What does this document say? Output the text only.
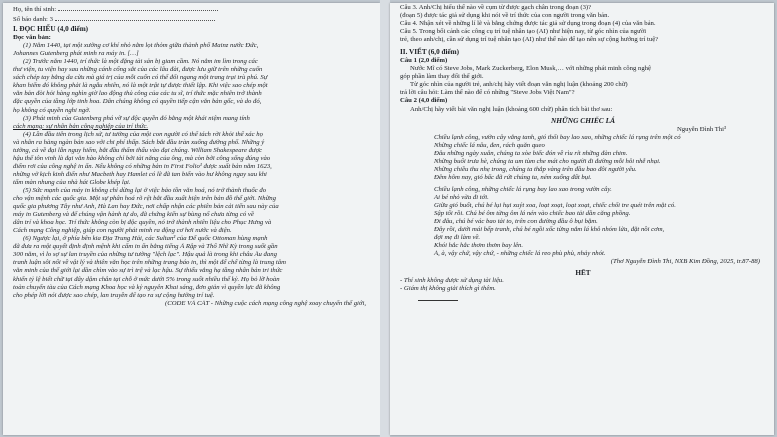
Họ, tên thí sinh:
Số báo danh: 3
I. ĐỌC HIỂU (4,0 điểm)
Đọc văn bản:
(1) Năm 1440, tại một xưởng cơ khí nhỏ nằm lọt thỏm giữa thành phố Mainz nước Đức,
Johannes Gutenberg phát minh ra máy in. […]
(2) Trước năm 1440, trí thức là một đặng tài sản bị giam cầm. Nó nằm im lìm trong các
thư viện, tu viện hay sau những cánh cổng sắt của các lâu đài, được lưu giữ trên những cuốn
sách chép tay bằng da cừu mà giá trị của mỗi cuốn có thể đổi ngang một trang trại trù phú. Sự
khan hiếm đó không phải là ngẫu nhiên, nó là một trật tự được thiết lập. Khi việc sao chép một
văn bản đòi hỏi hàng nghìn giờ lao động thủ công của các tu sĩ, trí thức mặc nhiên trở thành
đặc quyền của tầng lớp tinh hoa. Dân chúng không có quyền tiếp cận văn bản gốc, và do đó,
họ không có quyền nghi ngờ.
(3) Phát minh của Gutenberg phá vỡ sự độc quyền đó bằng một khái niệm mang tính
cách mạng: sự nhân bản công nghiệp của trí thức.
(4) Lần đầu tiên trong lịch sử, tư tưởng của một con người có thể tách rời khỏi thể xác họ
và nhân ra hàng ngàn bản sao với chi phí thấp. Sách bắt đầu tràn xuống đường phố. Những ý
tưởng, cả về đại lẫn nguy hiểm, bắt đầu thẩm thấu vào đại chúng. William Shakespeare được
hậu thế tôn vinh là đại văn hào không chỉ bởi tài năng của ông, mà còn bởi công sống đúng vào
điểm rơi của công nghệ in ấn. Nếu không có những bản in First Folio¹ được xuất bản năm 1623,
những vở kịch kinh điển như Macbeth hay Hamlet có lẽ đã tan biến vào hư không ngay sau khi
tấm màn nhung của nhà hát Globe khép lại.
(5) Sức mạnh của máy in không chỉ dừng lại ở việc bảo tồn văn hoá, nó trở thành thuốc đo
cho vận mệnh các quốc gia. Một sự phân hoá rõ rệt bắt đầu xuất hiện trên bản đồ thế giới. Những
quốc gia phương Tây như Anh, Hà Lan hay Đức, nơi chấp nhận các phiên bản cải tiến sau này của
máy in Gutenberg và để chúng vận hành tự do, đã chứng kiến sự bùng nổ chưa từng có về
dân trí và khoa học. Trí thức không còn bị độc quyền, nó trở thành nhiên liệu cho Phục Hưng và
Cách mạng Công nghiệp, giúp con người phát minh ra động cơ hơi nước và điện.
(6) Ngược lại, ở phía bên kia Địa Trung Hải, các Sultan² của Đế quốc Ottoman hùng mạnh
đã đưa ra một quyết định định mệnh khi cấm in ấn bằng tiếng Ả Rập và Thổ Nhĩ Kỳ trong suốt gần
300 năm, vì lo sợ sự lan truyền của những tư tưởng "lệch lạc". Hậu quả là trong khi châu Âu đang
tranh luận sôi nổi về vật lý và thiên văn học trên những trang báo in, thì một đế chế từng là trung tâm
văn minh của thế giới lại dần chìm vào sự trì trệ và lạc hậu. Sự thiếu vắng hạ tầng nhân bản tri thức
khiến tỷ lệ biết chữ tại đây dậm chân tại chỗ ở mức dưới 5% trong suốt nhiều thế kỷ. Họ bỏ lỡ hoàn
toàn chuyến tàu của Cách mạng Khoa học và kỷ nguyên Khai sáng, đơn giản vì quyền lực đã không
cho phép lời nói được sao chép, lan truyền để tạo ra sự cộng hưởng trí tuệ.
(CODE VÀ CÁT - Những cuộc cách mạng công nghệ xoay chuyển thế giới,
Câu 3. Anh/Chị hiểu thế nào về cụm từ được gạch chân trong đoạn (3)?
(đoạn 5) được tác giả sử dụng khi nói về trí thức của con người trong văn bản.
Câu 4. Nhận xét về những lí lẽ và bằng chứng được tác giả sử dụng trong đoạn (4) của văn bản.
Câu 5. Trong bối cảnh các công cụ trí tuệ nhân tạo (AI) như hiện nay, từ góc nhìn của người
trẻ, theo anh/chị, cần sử dụng trí tuệ nhân tạo (AI) như thế nào để tạo nên sự cộng hưởng trí tuệ?
II. VIẾT (6,0 điểm)
Câu 1 (2,0 điểm)
Nước Mĩ có Steve Jobs, Mark Zuckerberg, Elon Musk,… với những phát minh công nghệ
góp phần làm thay đổi thế giới.
Từ góc nhìn của người trẻ, anh/chị hãy viết đoạn văn nghị luận (khoảng 200 chữ)
trả lời câu hỏi: Làm thế nào để có những "Steve Jobs Việt Nam"?
Câu 2 (4,0 điểm)
Anh/Chị hãy viết bài văn nghị luận (khoảng 600 chữ) phân tích bài thơ sau:
NHỮNG CHIẾC LÁ
Nguyễn Đình Thi³
Chiều lạnh công, vườn cây vắng tanh, gió thổi bay lao xao, những chiếc lá rụng trên một có
Những chiếc lá nâu, đen, rách quăn queo
Đâu những ngày xuân, chúng ta xòe biếc đón về rìu rít những đàn chim.
Những buổi trưa hè, chúng ta um tùm che mát cho người đi đường mỗi hôi nhễ nhại.
Những chiều thu nhẹ trong, chúng ta thắp vàng trên đầu bao đôi người yêu.
Đêm hôm nay, gió bấc đã rứt chúng ta, ném xuống đất bụi.
Chiều lạnh công, những chiếc lá rụng bay lao xao trong vườn cây.
Ai bé nhỏ vừa đi tới.
Giữa gió buốt, chú bé lụi hụi xuýt xoa, loạt xoạt, loạt xoạt, chiếc chổi tre quét trên mặt có.
Sập tối rồi. Chú bé ôm từng ôm lá nén vào chiếc bao tải dần căng phồng.
Đi đâu, chú bé vác bao tải to, trên con đường đầu ô bụi bặm.
Đây rồi, dưới mái bếp tranh, chú bé ngồi xốc từng nắm lá khô nhóm lửa, đặt nồi cơm,
đợi mẹ đi làm về.
Khói hắc hắc thơm thơm bay lên.
À, à, vậy chứ, vậy chứ, - những chiếc lá reo phù phù, nhảy nhót.
(Thơ Nguyễn Đình Thi, NXB Kim Đồng, 2025, tr.87-88)
HẾT
- Thí sinh không được sử dụng tài liệu.
- Giám thị không giải thích gì thêm.
